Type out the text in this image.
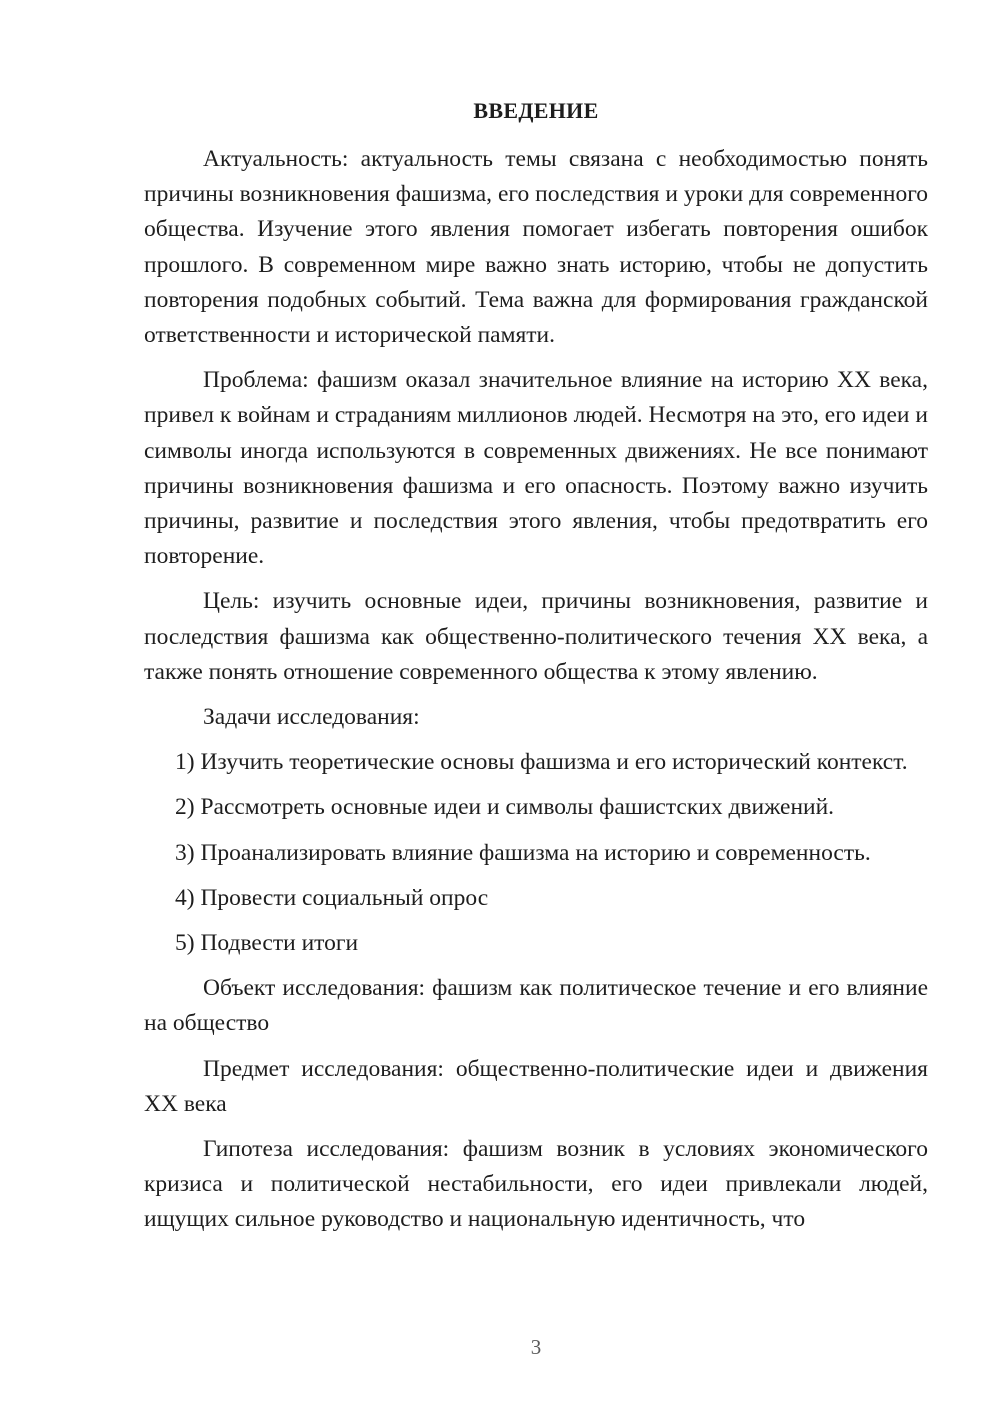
ВВЕДЕНИЕ

Актуальность: актуальность темы связана с необходимостью понять причины возникновения фашизма, его последствия и уроки для современного общества. Изучение этого явления помогает избегать повторения ошибок прошлого. В современном мире важно знать историю, чтобы не допустить повторения подобных событий. Тема важна для формирования гражданской ответственности и исторической памяти.

Проблема: фашизм оказал значительное влияние на историю XX века, привел к войнам и страданиям миллионов людей. Несмотря на это, его идеи и символы иногда используются в современных движениях. Не все понимают причины возникновения фашизма и его опасность. Поэтому важно изучить причины, развитие и последствия этого явления, чтобы предотвратить его повторение.

Цель: изучить основные идеи, причины возникновения, развитие и последствия фашизма как общественно-политического течения XX века, а также понять отношение современного общества к этому явлению.

Задачи исследования:

1) Изучить теоретические основы фашизма и его исторический контекст.

2) Рассмотреть основные идеи и символы фашистских движений.

3) Проанализировать влияние фашизма на историю и современность.

4) Провести социальный опрос

5) Подвести итоги

Объект исследования: фашизм как политическое течение и его влияние на общество

Предмет исследования: общественно-политические идеи и движения XX века

Гипотеза исследования: фашизм возник в условиях экономического кризиса и политической нестабильности, его идеи привлекали людей, ищущих сильное руководство и национальную идентичность, что

3
